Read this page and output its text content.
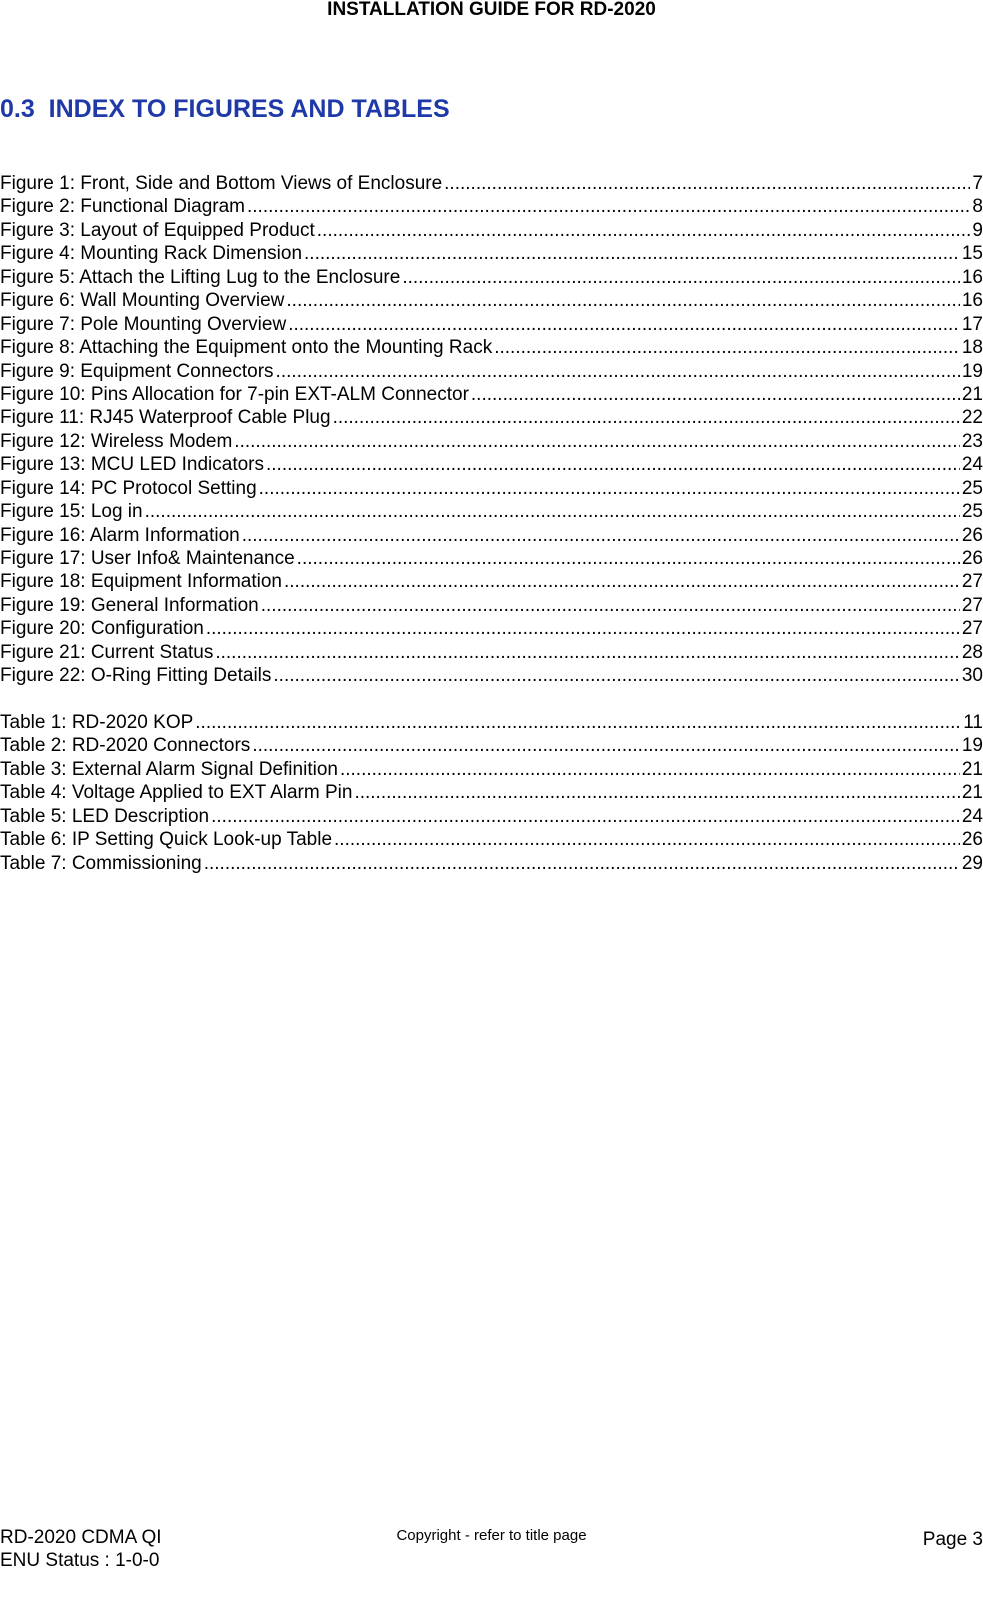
INSTALLATION GUIDE FOR RD-2020
0.3 INDEX TO FIGURES AND TABLES
Figure 1: Front, Side and Bottom Views of Enclosure .....	7
Figure 2: Functional Diagram .....	8
Figure 3: Layout of Equipped Product .....	9
Figure 4: Mounting Rack Dimension .....	15
Figure 5: Attach the Lifting Lug to the Enclosure .....	16
Figure 6: Wall Mounting Overview .....	16
Figure 7: Pole Mounting Overview .....	17
Figure 8: Attaching the Equipment onto the Mounting Rack .....	18
Figure 9: Equipment Connectors .....	19
Figure 10: Pins Allocation for 7-pin EXT-ALM Connector .....	21
Figure 11: RJ45 Waterproof Cable Plug .....	22
Figure 12: Wireless Modem .....	23
Figure 13: MCU LED Indicators .....	24
Figure 14: PC Protocol Setting .....	25
Figure 15: Log in .....	25
Figure 16: Alarm Information .....	26
Figure 17: User Info& Maintenance .....	26
Figure 18: Equipment Information .....	27
Figure 19: General Information .....	27
Figure 20: Configuration .....	27
Figure 21: Current Status .....	28
Figure 22: O-Ring Fitting Details .....	30
Table 1: RD-2020 KOP .....	11
Table 2: RD-2020 Connectors .....	19
Table 3: External Alarm Signal Definition .....	21
Table 4: Voltage Applied to EXT Alarm Pin .....	21
Table 5: LED Description .....	24
Table 6: IP Setting Quick Look-up Table .....	26
Table 7: Commissioning .....	29
RD-2020 CDMA QI
ENU Status : 1-0-0
Copyright - refer to title page	Page 3
